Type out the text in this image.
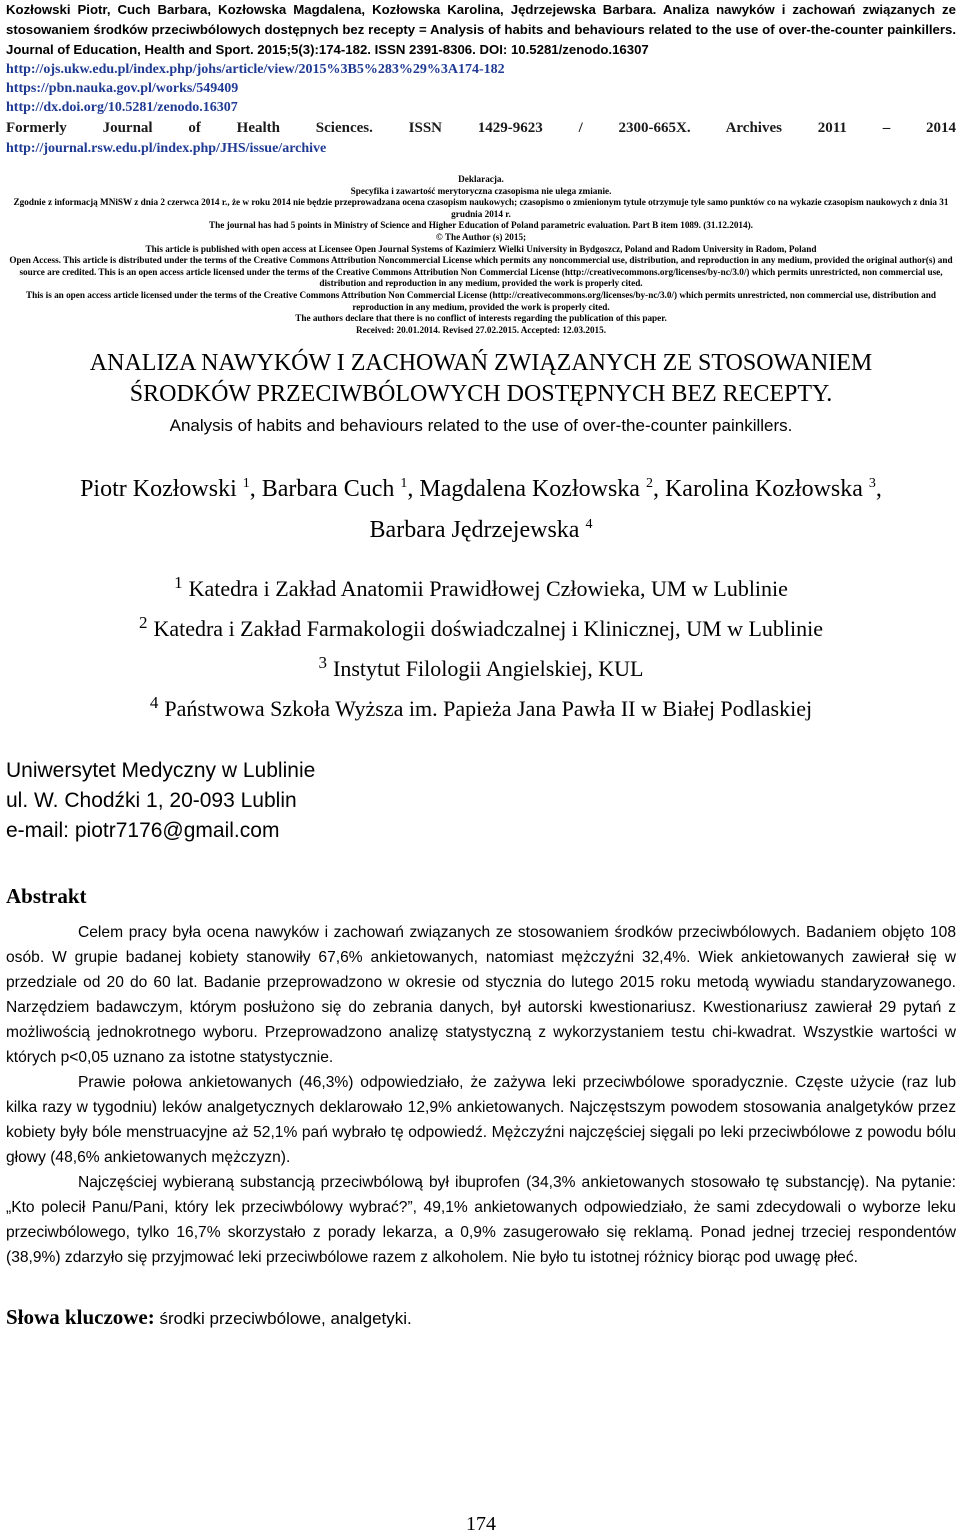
Kozłowski Piotr, Cuch Barbara, Kozłowska Magdalena, Kozłowska Karolina, Jędrzejewska Barbara. Analiza nawyków i zachowań związanych ze stosowaniem środków przeciwbólowych dostępnych bez recepty = Analysis of habits and behaviours related to the use of over-the-counter painkillers. Journal of Education, Health and Sport. 2015;5(3):174-182. ISSN 2391-8306. DOI: 10.5281/zenodo.16307
http://ojs.ukw.edu.pl/index.php/johs/article/view/2015%3B5%283%29%3A174-182
https://pbn.nauka.gov.pl/works/549409
http://dx.doi.org/10.5281/zenodo.16307
Formerly Journal of Health Sciences. ISSN 1429-9623 / 2300-665X. Archives 2011 – 2014
http://journal.rsw.edu.pl/index.php/JHS/issue/archive
Deklaracja.
Specyfika i zawartość merytoryczna czasopisma nie ulega zmianie.
Zgodnie z informacją MNiSW z dnia 2 czerwca 2014 r., że w roku 2014 nie będzie przeprowadzana ocena czasopism naukowych; czasopismo o zmienionym tytule otrzymuje tyle samo punktów co na wykazie czasopism naukowych z dnia 31 grudnia 2014 r.
The journal has had 5 points in Ministry of Science and Higher Education of Poland parametric evaluation. Part B item 1089. (31.12.2014).
© The Author (s) 2015;
This article is published with open access at Licensee Open Journal Systems of Kazimierz Wielki University in Bydgoszcz, Poland and Radom University in Radom, Poland
Open Access. This article is distributed under the terms of the Creative Commons Attribution Noncommercial License which permits any noncommercial use, distribution, and reproduction in any medium, provided the original author(s) and source are credited. This is an open access article licensed under the terms of the Creative Commons Attribution Non Commercial License (http://creativecommons.org/licenses/by-nc/3.0/) which permits unrestricted, non commercial use, distribution and reproduction in any medium, provided the work is properly cited.
This is an open access article licensed under the terms of the Creative Commons Attribution Non Commercial License (http://creativecommons.org/licenses/by-nc/3.0/) which permits unrestricted, non commercial use, distribution and reproduction in any medium, provided the work is properly cited.
The authors declare that there is no conflict of interests regarding the publication of this paper.
Received: 20.01.2014. Revised 27.02.2015. Accepted: 12.03.2015.
ANALIZA NAWYKÓW I ZACHOWAŃ ZWIĄZANYCH ZE STOSOWANIEM
ŚRODKÓW PRZECIWBÓLOWYCH DOSTĘPNYCH BEZ RECEPTY.
Analysis of habits and behaviours related to the use of over-the-counter painkillers.
Piotr Kozłowski $^1$, Barbara Cuch $^1$, Magdalena Kozłowska $^2$, Karolina Kozłowska $^3$,
Barbara Jędrzejewska $^4$
$^1$ Katedra i Zakład Anatomii Prawidłowej Człowieka, UM w Lublinie
$^2$ Katedra i Zakład Farmakologii doświadczalnej i Klinicznej, UM w Lublinie
$^3$ Instytut Filologii Angielskiej, KUL
$^4$ Państwowa Szkoła Wyższa im. Papieża Jana Pawła II w Białej Podlaskiej
Uniwersytet Medyczny w Lublinie
ul. W. Chodźki 1, 20-093 Lublin
e-mail: piotr7176@gmail.com
Abstrakt

Celem pracy była ocena nawyków i zachowań związanych ze stosowaniem środków przeciwbólowych. Badaniem objęto 108 osób. W grupie badanej kobiety stanowiły 67,6% ankietowanych, natomiast mężczyźni 32,4%. Wiek ankietowanych zawierał się w przedziale od 20 do 60 lat. Badanie przeprowadzono w okresie od stycznia do lutego 2015 roku metodą wywiadu standaryzowanego. Narzędziem badawczym, którym posłużono się do zebrania danych, był autorski kwestionariusz. Kwestionariusz zawierał 29 pytań z możliwością jednokrotnego wyboru. Przeprowadzono analizę statystyczną z wykorzystaniem testu chi-kwadrat. Wszystkie wartości w których p<0,05 uznano za istotne statystycznie.

Prawie połowa ankietowanych (46,3%) odpowiedziało, że zażywa leki przeciwbólowe sporadycznie. Częste użycie (raz lub kilka razy w tygodniu) leków analgetycznych deklarowało 12,9% ankietowanych. Najczęstszym powodem stosowania analgetyków przez kobiety były bóle menstruacyjne aż 52,1% pań wybrało tę odpowiedź. Mężczyźni najczęściej sięgali po leki przeciwbólowe z powodu bólu głowy (48,6% ankietowanych mężczyzn).

Najczęściej wybieraną substancją przeciwbólową był ibuprofen (34,3% ankietowanych stosowało tę substancję). Na pytanie: „Kto polecił Panu/Pani, który lek przeciwbólowy wybrać?”, 49,1% ankietowanych odpowiedziało, że sami zdecydowali o wyborze leku przeciwbólowego, tylko 16,7% skorzystało z porady lekarza, a 0,9% zasugerowało się reklamą. Ponad jednej trzeciej respondentów (38,9%) zdarzyło się przyjmować leki przeciwbólowe razem z alkoholem. Nie było tu istotnej różnicy biorąc pod uwagę płeć.

Słowa kluczowe: środki przeciwbólowe, analgetyki.
174
